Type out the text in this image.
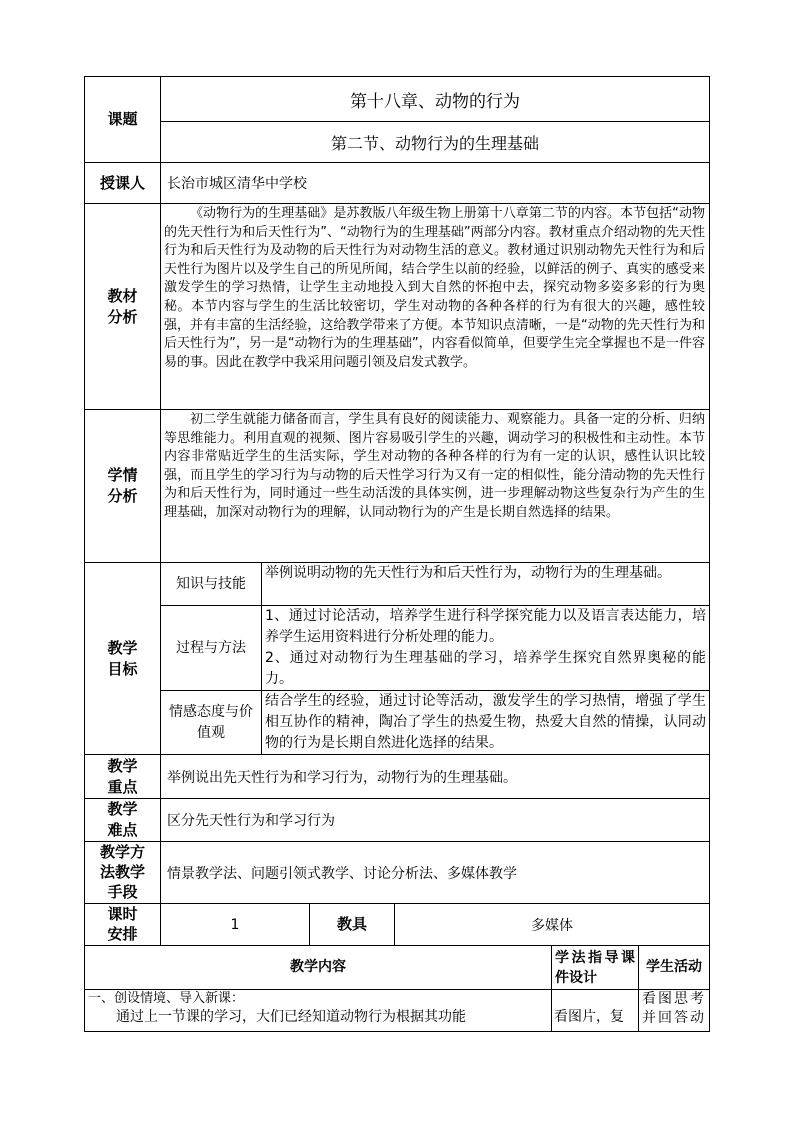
课题	第十八章、动物的行为					
	第二节、动物行为的生理基础					
授课人	长治市城区清华中学校					
教材分析	《动物行为的生理基础》是苏教版八年级生物上册第十八章第二节的内容。本节包括“动物的先天性行为和后天性行为”、“动物行为的生理基础”两部分内容。教材重点介绍动物的先天性行为和后天性行为及动物的后天性行为对动物生活的意义。教材通过识别动物先天性行为和后天性行为图片以及学生自己的所见所闻，结合学生以前的经验，以鲜活的例子、真实的感受来激发学生的学习热情，让学生主动地投入到大自然的怀抱中去，探究动物多姿多彩的行为奥秘。本节内容与学生的生活比较密切，学生对动物的各种各样的行为有很大的兴趣，感性较强，并有丰富的生活经验，这给教学带来了方便。本节知识点清晰，一是“动物的先天性行为和后天性行为”，另一是“动物行为的生理基础”，内容看似简单，但要学生完全掌握也不是一件容易的事。因此在教学中我采用问题引领及启发式教学。					
学情分析	初二学生就能力储备而言，学生具有良好的阅读能力、观察能力。具备一定的分析、归纳等思维能力。利用直观的视频、图片容易吸引学生的兴趣，调动学习的积极性和主动性。本节内容非常贴近学生的生活实际，学生对动物的各种各样的行为有一定的认识，感性认识比较强，而且学生的学习行为与动物的后天性学习行为又有一定的相似性，能分清动物的先天性行为和后天性行为，同时通过一些生动活泼的具体实例，进一步理解动物这些复杂行为产生的生理基础，加深对动物行为的理解，认同动物行为的产生是长期自然选择的结果。					
教学目标	知识与技能	举例说明动物的先天性行为和后天性行为，动物行为的生理基础。				
	过程与方法	1、通过讨论活动，培养学生进行科学探究能力以及语言表达能力，培养学生运用资料进行分析处理的能力。
2、通过对动物行为生理基础的学习，培养学生探究自然界奥秘的能力。				

	情感态度与价值观	结合学生的经验，通过讨论等活动，激发学生的学习热情，增强了学生相互协作的精神，陶冶了学生的热爱生物，热爱大自然的情操，认同动物的行为是长期自然进化选择的结果。				
教学重点	举例说出先天性行为和学习行为，动物行为的生理基础。					
教学难点	区分先天性行为和学习行为					
教学方法教学手段	情景教学法、问题引领式教学、讨论分析法、多媒体教学					
课时安排	1		教具	多媒体		
教学内容					学法指导课件设计	学生活动

一、创设情境、导入新课：
通过上一节课的学习，大们已经知道动物行为根据其功能					看图片，复	看图思考并回答动
